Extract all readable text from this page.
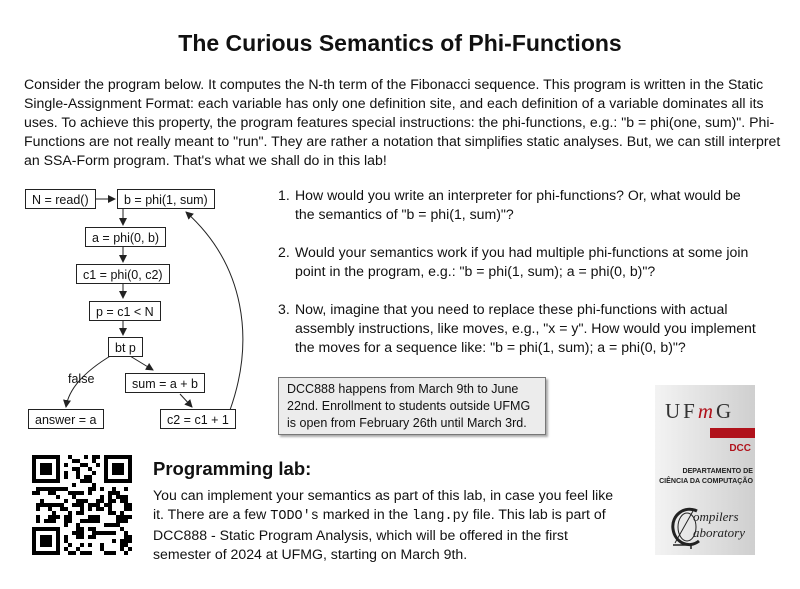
The Curious Semantics of Phi-Functions
Consider the program below. It computes the N-th term of the Fibonacci sequence. This program is written in the Static Single-Assignment Format: each variable has only one definition site, and each definition of a variable dominates all its uses. To achieve this property, the program features special instructions: the phi-functions, e.g.: "b = phi(one, sum)". Phi-Functions are not really meant to "run". They are rather a notation that simplifies static analyses. But, we can still interpret an SSA-Form program. That's what we shall do in this lab!
N = read()	b = phi(1, sum)
a = phi(0, b)
c1 = phi(0, c2)
p = c1 < N
bt p
sum = a + b
answer = a	c2 = c1 + 1
false
1. How would you write an interpreter for phi-functions? Or, what would be the semantics of "b = phi(1, sum)"?
2. Would your semantics work if you had multiple phi-functions at some join point in the program, e.g.: "b = phi(1, sum); a = phi(0, b)"?
3. Now, imagine that you need to replace these phi-functions with actual assembly instructions, like moves, e.g., "x = y". How would you implement the moves for a sequence like: "b = phi(1, sum); a = phi(0, b)"?
DCC888 happens from March 9th to June 22nd. Enrollment to students outside UFMG is open from February 26th until March 3rd.
Programming lab:
You can implement your semantics as part of this lab, in case you feel like it. There are a few TODO's marked in the lang.py file. This lab is part of DCC888 - Static Program Analysis, which will be offered in the first semester of 2024 at UFMG, starting on March 9th.
UFmG
DCC
DEPARTAMENTO DE
CIÊNCIA DA COMPUTAÇÃO
ompilers
aboratory
